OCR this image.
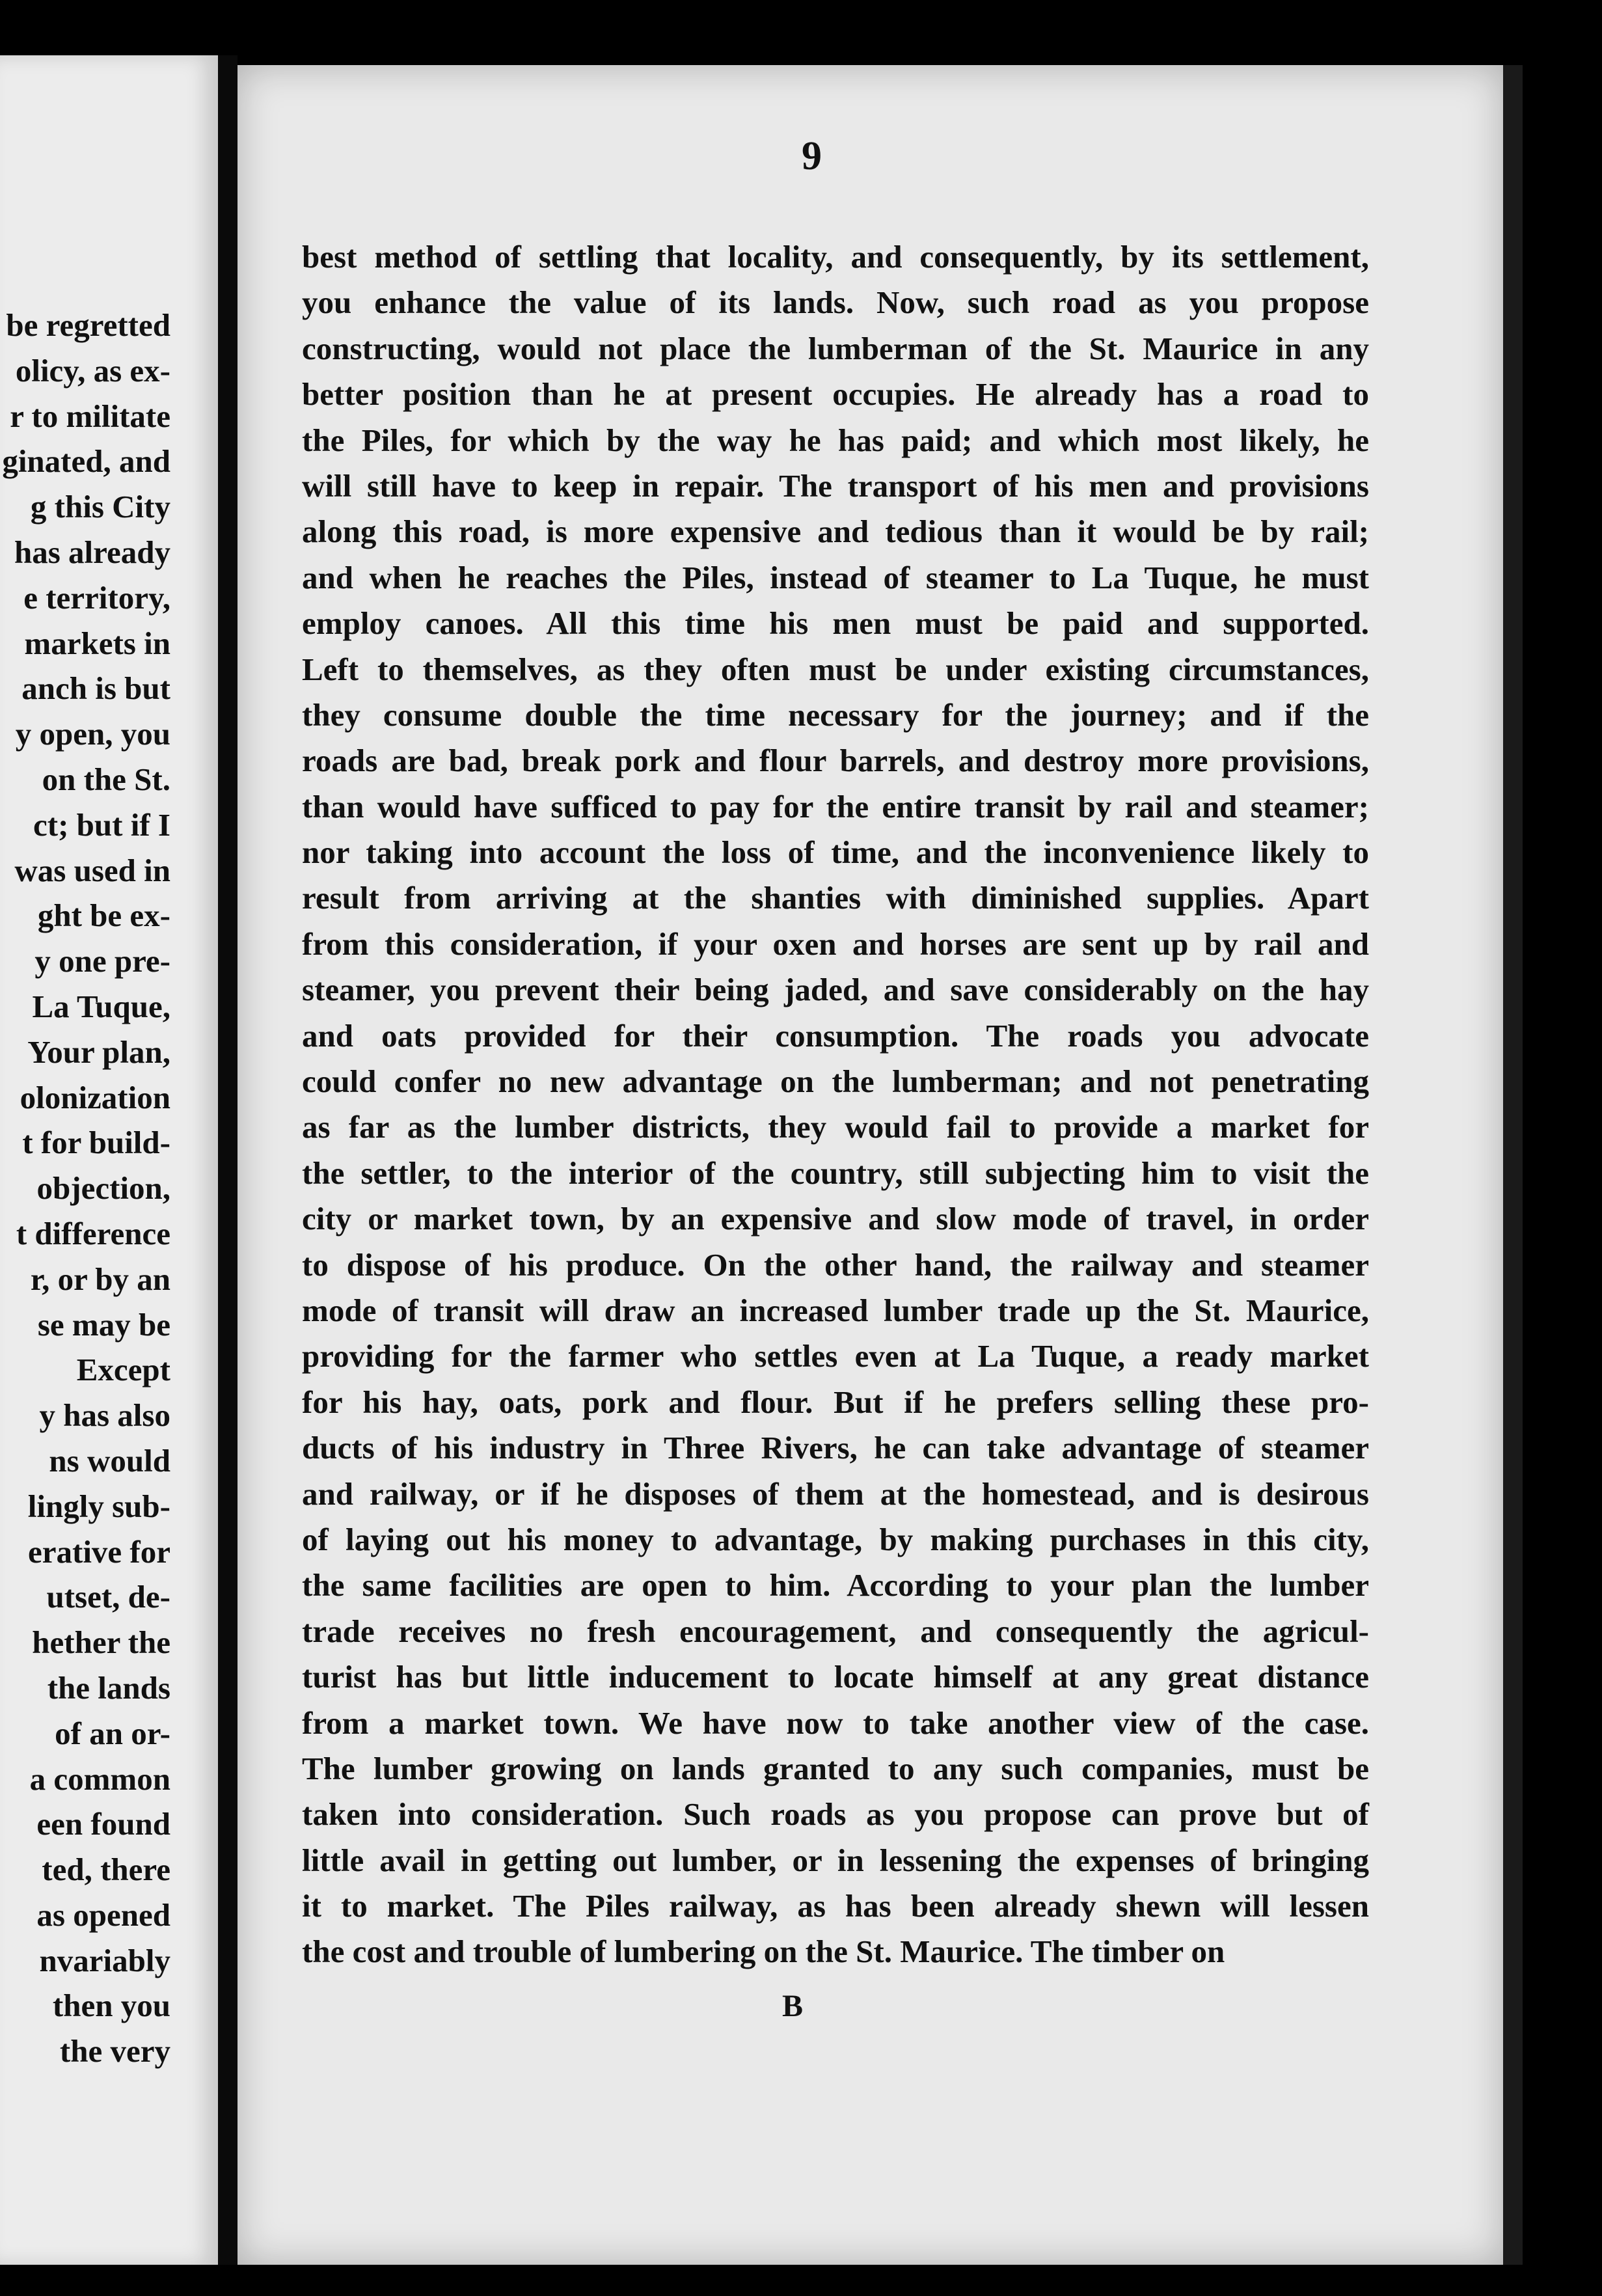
be regretted
olicy, as ex-
r to militate
ginated, and
g this City
has already
e territory,
markets in
anch is but
y open, you
on the St.
ct; but if I
was used in
ght be ex-
y one pre-
La Tuque,
Your plan,
olonization
t for build-
objection,
t difference
r, or by an
se may be
Except
y has also
ns would
lingly sub-
erative for
utset, de-
hether the
the lands
of an or-
a common
een found
ted, there
as opened
nvariably
then you
the very
9
best method of settling that locality, and consequently, by its settlement,
you enhance the value of its lands. Now, such road as you propose
constructing, would not place the lumberman of the St. Maurice in any
better position than he at present occupies. He already has a road to
the Piles, for which by the way he has paid; and which most likely, he
will still have to keep in repair. The transport of his men and provisions
along this road, is more expensive and tedious than it would be by rail;
and when he reaches the Piles, instead of steamer to La Tuque, he must
employ canoes. All this time his men must be paid and supported.
Left to themselves, as they often must be under existing circumstances,
they consume double the time necessary for the journey; and if the
roads are bad, break pork and flour barrels, and destroy more provisions,
than would have sufficed to pay for the entire transit by rail and steamer;
nor taking into account the loss of time, and the inconvenience likely to
result from arriving at the shanties with diminished supplies. Apart
from this consideration, if your oxen and horses are sent up by rail and
steamer, you prevent their being jaded, and save considerably on the hay
and oats provided for their consumption. The roads you advocate
could confer no new advantage on the lumberman; and not penetrating
as far as the lumber districts, they would fail to provide a market for
the settler, to the interior of the country, still subjecting him to visit the
city or market town, by an expensive and slow mode of travel, in order
to dispose of his produce. On the other hand, the railway and steamer
mode of transit will draw an increased lumber trade up the St. Maurice,
providing for the farmer who settles even at La Tuque, a ready market
for his hay, oats, pork and flour. But if he prefers selling these pro-
ducts of his industry in Three Rivers, he can take advantage of steamer
and railway, or if he disposes of them at the homestead, and is desirous
of laying out his money to advantage, by making purchases in this city,
the same facilities are open to him. According to your plan the lumber
trade receives no fresh encouragement, and consequently the agricul-
turist has but little inducement to locate himself at any great distance
from a market town. We have now to take another view of the case.
The lumber growing on lands granted to any such companies, must be
taken into consideration. Such roads as you propose can prove but of
little avail in getting out lumber, or in lessening the expenses of bringing
it to market. The Piles railway, as has been already shewn will lessen
the cost and trouble of lumbering on the St. Maurice. The timber on
B
